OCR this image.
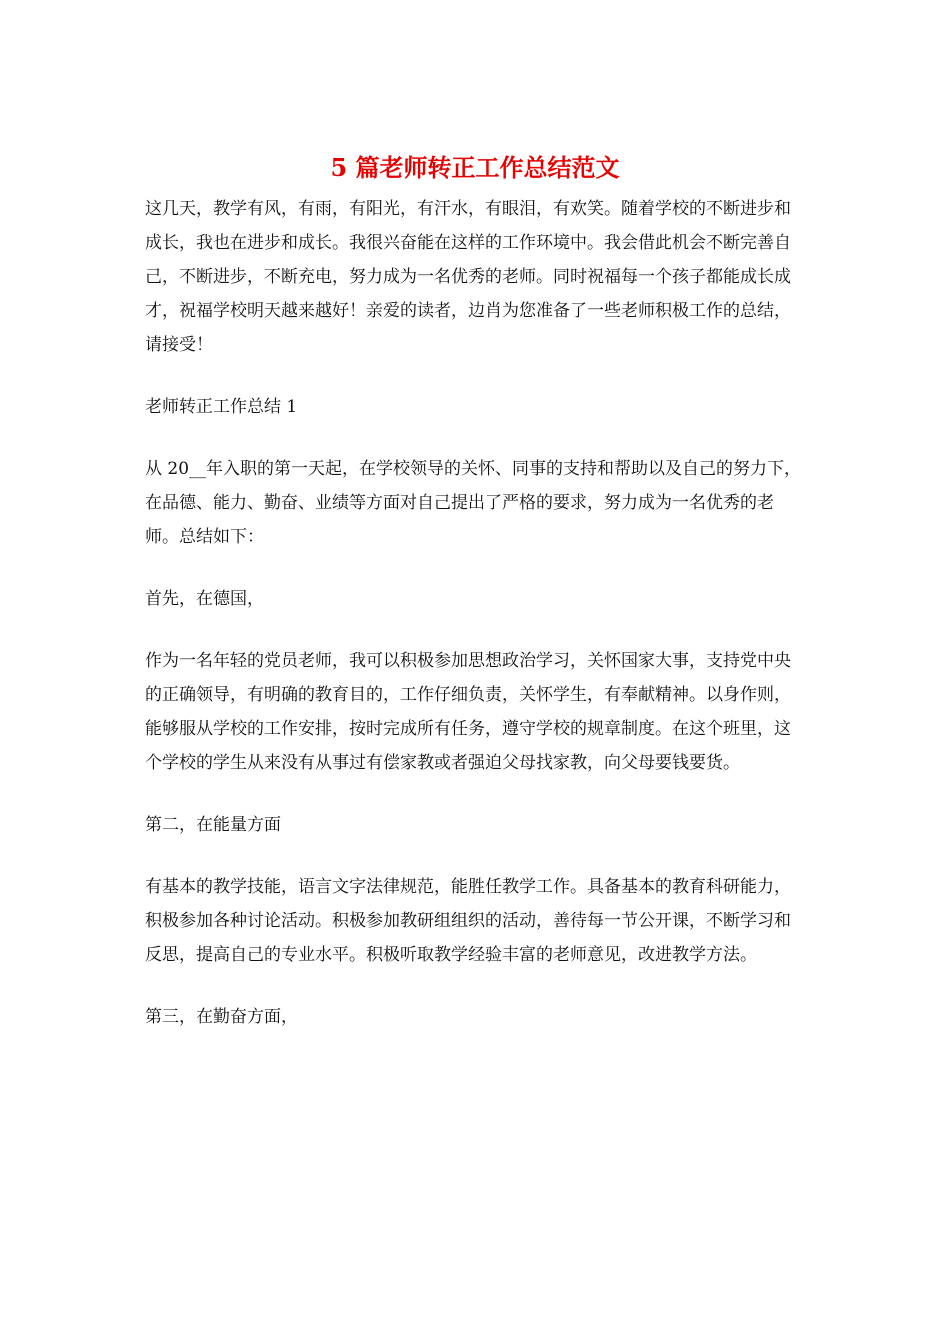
5 篇老师转正工作总结范文

这几天，教学有风，有雨，有阳光，有汗水，有眼泪，有欢笑。随着学校的不断进步和成长，我也在进步和成长。我很兴奋能在这样的工作环境中。我会借此机会不断完善自己，不断进步，不断充电，努力成为一名优秀的老师。同时祝福每一个孩子都能成长成才，祝福学校明天越来越好！亲爱的读者，边肖为您准备了一些老师积极工作的总结，请接受！

老师转正工作总结 1

从 20__年入职的第一天起，在学校领导的关怀、同事的支持和帮助以及自己的努力下，在品德、能力、勤奋、业绩等方面对自己提出了严格的要求，努力成为一名优秀的老师。总结如下：

首先，在德国，

作为一名年轻的党员老师，我可以积极参加思想政治学习，关怀国家大事，支持党中央的正确领导，有明确的教育目的，工作仔细负责，关怀学生，有奉献精神。以身作则，能够服从学校的工作安排，按时完成所有任务，遵守学校的规章制度。在这个班里，这个学校的学生从来没有从事过有偿家教或者强迫父母找家教，向父母要钱要货。

第二，在能量方面

有基本的教学技能，语言文字法律规范，能胜任教学工作。具备基本的教育科研能力，积极参加各种讨论活动。积极参加教研组组织的活动，善待每一节公开课，不断学习和反思，提高自己的专业水平。积极听取教学经验丰富的老师意见，改进教学方法。

第三，在勤奋方面，
